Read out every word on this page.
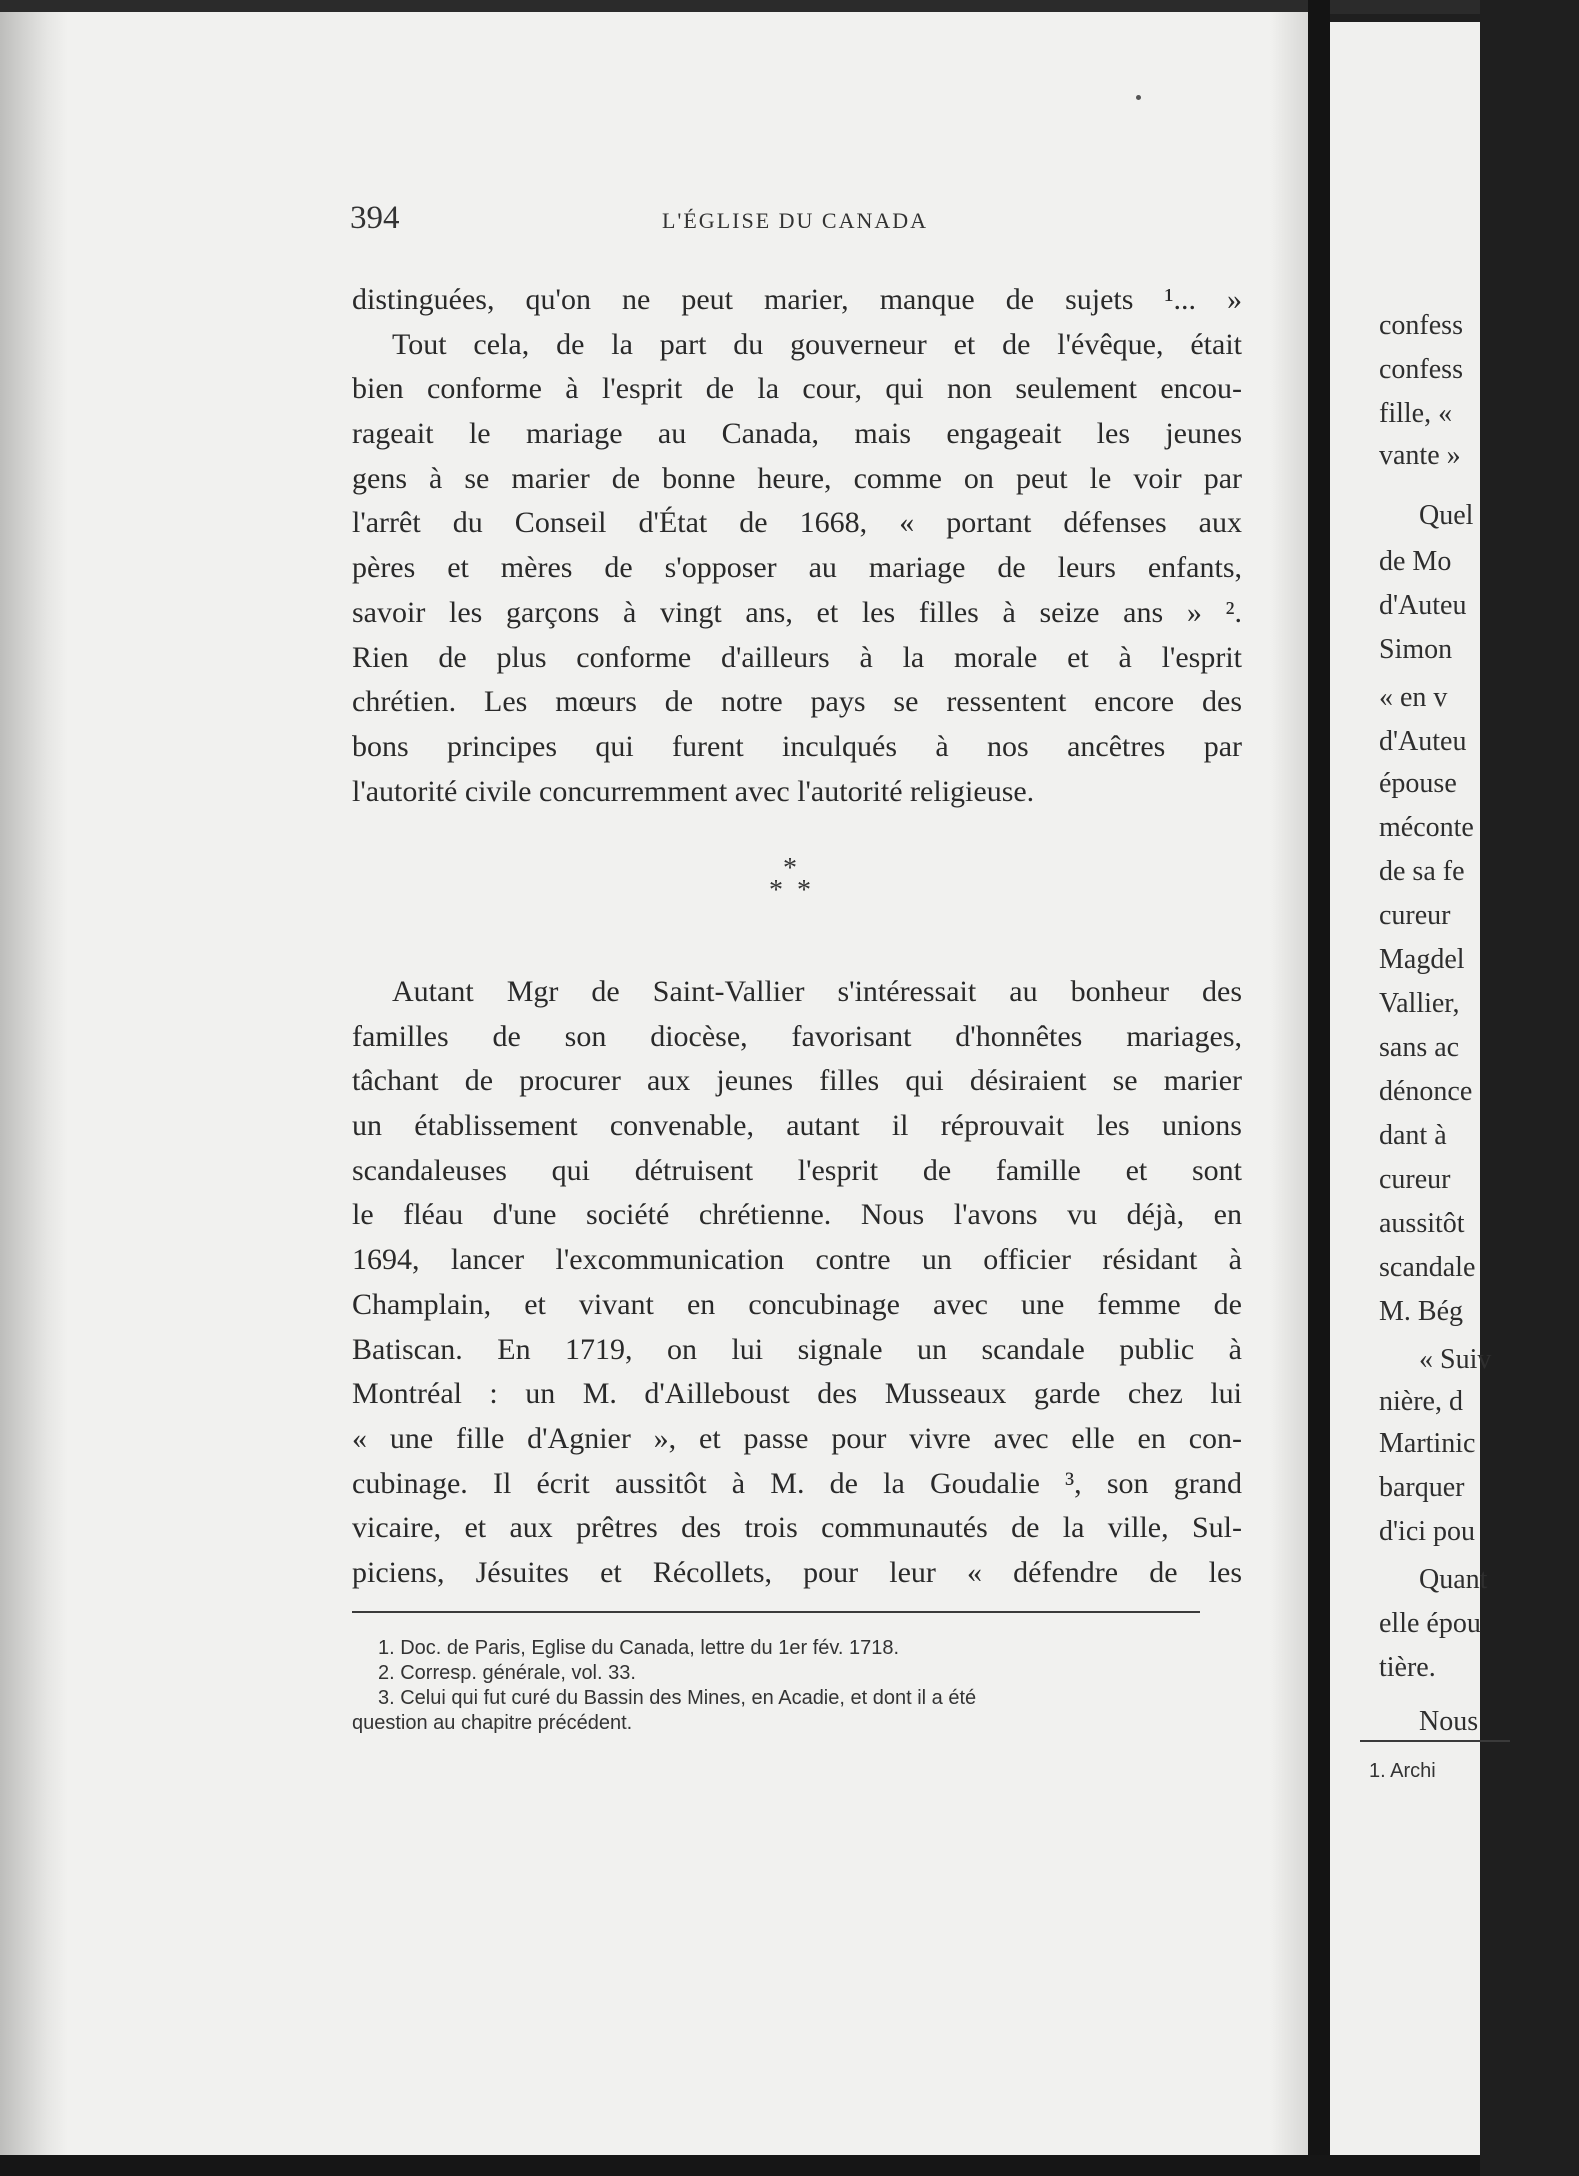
394	L'ÉGLISE DU CANADA
distinguées, qu'on ne peut marier, manque de sujets ¹... »
Tout cela, de la part du gouverneur et de l'évêque, était
bien conforme à l'esprit de la cour, qui non seulement encou-
rageait le mariage au Canada, mais engageait les jeunes
gens à se marier de bonne heure, comme on peut le voir par
l'arrêt du Conseil d'État de 1668, « portant défenses aux
pères et mères de s'opposer au mariage de leurs enfants,
savoir les garçons à vingt ans, et les filles à seize ans » ².
Rien de plus conforme d'ailleurs à la morale et à l'esprit
chrétien. Les mœurs de notre pays se ressentent encore des
bons principes qui furent inculqués à nos ancêtres par
l'autorité civile concurremment avec l'autorité religieuse.
*
*  *
Autant Mgr de Saint-Vallier s'intéressait au bonheur des
familles de son diocèse, favorisant d'honnêtes mariages,
tâchant de procurer aux jeunes filles qui désiraient se marier
un établissement convenable, autant il réprouvait les unions
scandaleuses qui détruisent l'esprit de famille et sont
le fléau d'une société chrétienne. Nous l'avons vu déjà, en
1694, lancer l'excommunication contre un officier résidant à
Champlain, et vivant en concubinage avec une femme de
Batiscan. En 1719, on lui signale un scandale public à
Montréal : un M. d'Ailleboust des Musseaux garde chez lui
« une fille d'Agnier », et passe pour vivre avec elle en con-
cubinage. Il écrit aussitôt à M. de la Goudalie ³, son grand
vicaire, et aux prêtres des trois communautés de la ville, Sul-
piciens, Jésuites et Récollets, pour leur « défendre de les
1. Doc. de Paris, Eglise du Canada, lettre du 1er fév. 1718.
2. Corresp. générale, vol. 33.
3. Celui qui fut curé du Bassin des Mines, en Acadie, et dont il a été
question au chapitre précédent.
confess
confess
fille, «
vante »
Quel
de Mo
d'Auteu
Simon
« en v
d'Auteu
épouse
méconte
de sa fe
cureur
Magdel
Vallier,
sans ac
dénonce
dant à
cureur
aussitôt
scandale
M. Bég
« Suiv
nière, d
Martinic
barquer
d'ici pou
Quant
elle épou
tière.
Nous
1. Archi
